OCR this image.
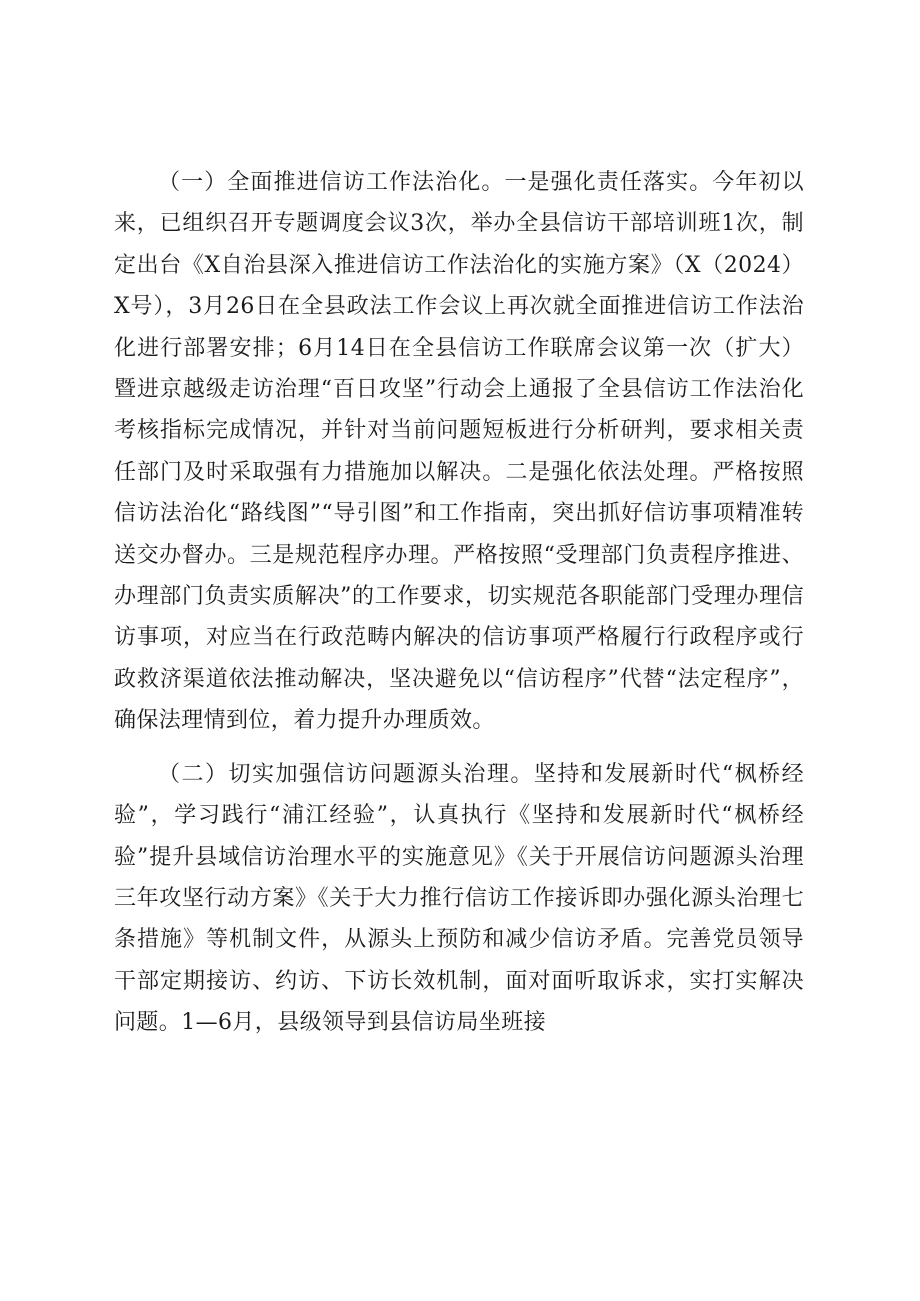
（一）全面推进信访工作法治化。一是强化责任落实。今年初以来，已组织召开专题调度会议3次，举办全县信访干部培训班1次，制定出台《X自治县深入推进信访工作法治化的实施方案》（X（2024）X号），3月26日在全县政法工作会议上再次就全面推进信访工作法治化进行部署安排；6月14日在全县信访工作联席会议第一次（扩大）暨进京越级走访治理“百日攻坚”行动会上通报了全县信访工作法治化考核指标完成情况，并针对当前问题短板进行分析研判，要求相关责任部门及时采取强有力措施加以解决。二是强化依法处理。严格按照信访法治化“路线图”“导引图”和工作指南，突出抓好信访事项精准转送交办督办。三是规范程序办理。严格按照“受理部门负责程序推进、办理部门负责实质解决”的工作要求，切实规范各职能部门受理办理信访事项，对应当在行政范畴内解决的信访事项严格履行行政程序或行政救济渠道依法推动解决，坚决避免以“信访程序”代替“法定程序”，确保法理情到位，着力提升办理质效。

（二）切实加强信访问题源头治理。坚持和发展新时代“枫桥经验”，学习践行“浦江经验”，认真执行《坚持和发展新时代“枫桥经验”提升县域信访治理水平的实施意见》《关于开展信访问题源头治理三年攻坚行动方案》《关于大力推行信访工作接诉即办强化源头治理七条措施》等机制文件，从源头上预防和减少信访矛盾。完善党员领导干部定期接访、约访、下访长效机制，面对面听取诉求，实打实解决问题。1—6月，县级领导到县信访局坐班接
